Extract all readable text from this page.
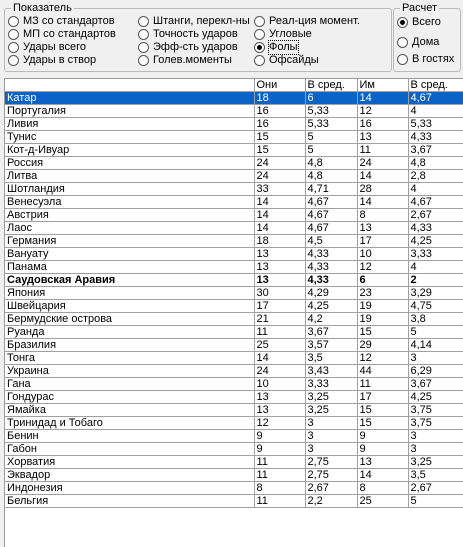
Показатель	Расчет
	Они	В сред.	Им	В сред.
Катар	18	6	14	4,67
Португалия	16	5,33	12	4
Ливия	16	5,33	16	5,33
Тунис	15	5	13	4,33
Кот-д-Ивуар	15	5	11	3,67
Россия	24	4,8	24	4,8
Литва	24	4,8	14	2,8
Шотландия	33	4,71	28	4
Венесуэла	14	4,67	14	4,67
Австрия	14	4,67	8	2,67
Лаос	14	4,67	13	4,33
Германия	18	4,5	17	4,25
Вануату	13	4,33	10	3,33
Панама	13	4,33	12	4
Саудовская Аравия	13	4,33	6	2
Япония	30	4,29	23	3,29
Швейцария	17	4,25	19	4,75
Бермудские острова	21	4,2	19	3,8
Руанда	11	3,67	15	5
Бразилия	25	3,57	29	4,14
Тонга	14	3,5	12	3
Украина	24	3,43	44	6,29
Гана	10	3,33	11	3,67
Гондурас	13	3,25	17	4,25
Ямайка	13	3,25	15	3,75
Тринидад и Тобаго	12	3	15	3,75
Бенин	9	3	9	3
Габон	9	3	9	3
Хорватия	11	2,75	13	3,25
Эквадор	11	2,75	14	3,5
Индонезия	8	2,67	8	2,67
Бельгия	11	2,2	25	5
МЗ со стандартов
МП со стандартов
Удары всего
Удары в створ
Штанги, перекл-ны
Точность ударов
Эфф-сть ударов
Голев.моменты
Реал-ция момент.
Угловые
Фолы
Офсайды
Всего
Дома
В гостях
